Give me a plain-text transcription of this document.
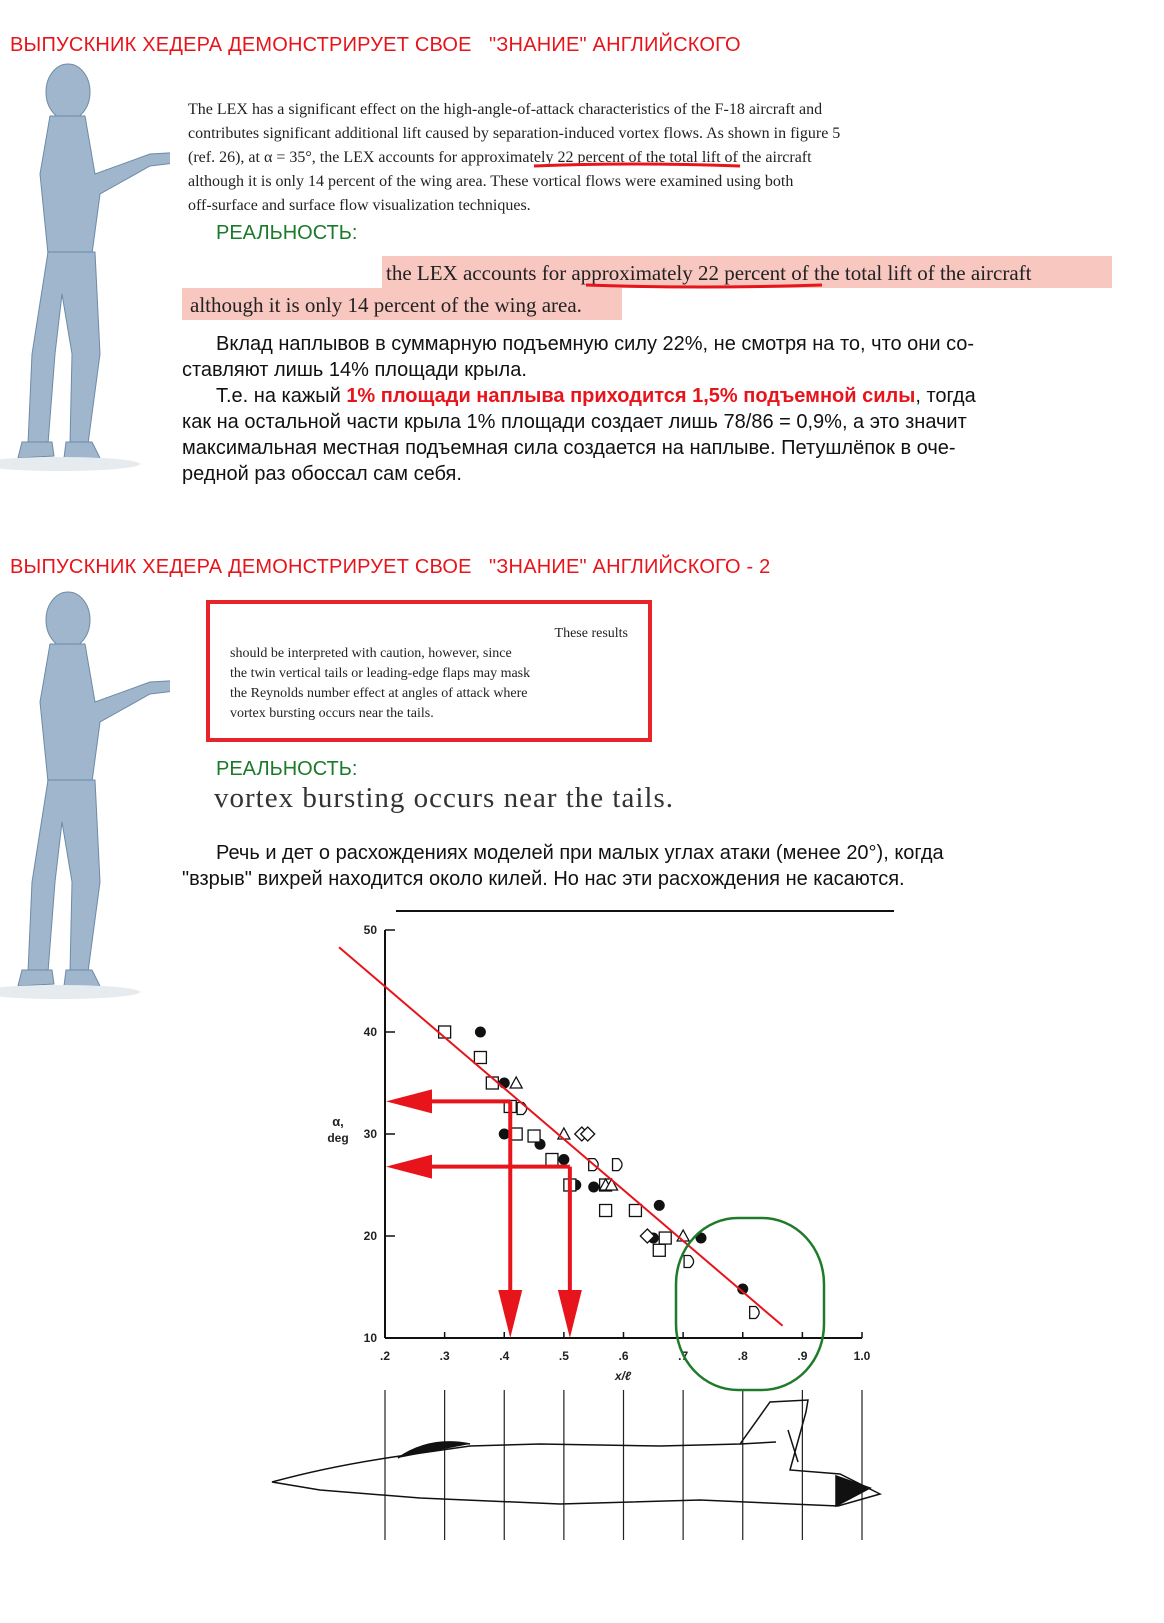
ВЫПУСКНИК ХЕДЕРА ДЕМОНСТРИРУЕТ СВОЕ   "ЗНАНИЕ" АНГЛИЙСКОГО
The LEX has a significant effect on the high-angle-of-attack characteristics of the F-18 aircraft and
contributes significant additional lift caused by separation-induced vortex flows. As shown in figure 5
(ref. 26), at α = 35°, the LEX accounts for approximately 22 percent of the total lift of the aircraft
although it is only 14 percent of the wing area. These vortical flows were examined using both
off-surface and surface flow visualization techniques.
РЕАЛЬНОСТЬ:
the LEX accounts for approximately 22 percent of the total lift of the aircraft
although it is only 14 percent of the wing area.
Вклад наплывов в суммарную подъемную силу 22%, не смотря на то, что они со-
ставляют лишь 14% площади крыла.
Т.е. на кажый 1% площади наплыва приходится 1,5% подъемной силы, тогда
как на остальной части крыла 1% площади создает лишь 78/86 = 0,9%, а это значит
максимальная местная подъемная сила создается на наплыве. Петушлёпок в оче-
редной раз обоссал сам себя.
ВЫПУСКНИК ХЕДЕРА ДЕМОНСТРИРУЕТ СВОЕ   "ЗНАНИЕ" АНГЛИЙСКОГО - 2
These results
should be interpreted with caution, however, since
the twin vertical tails or leading-edge flaps may mask
the Reynolds number effect at angles of attack where
vortex bursting occurs near the tails.
РЕАЛЬНОСТЬ:
vortex bursting occurs near the tails.
Речь и дет о расхождениях моделей при малых углах атаки (менее 20°), когда
"взрыв" вихрей находится около килей. Но нас эти расхождения не касаются.
.2	.3	.4	.5	.6	.7	.8	.9	1.0
10
20
30
40
50
α,
deg
x/ℓ
